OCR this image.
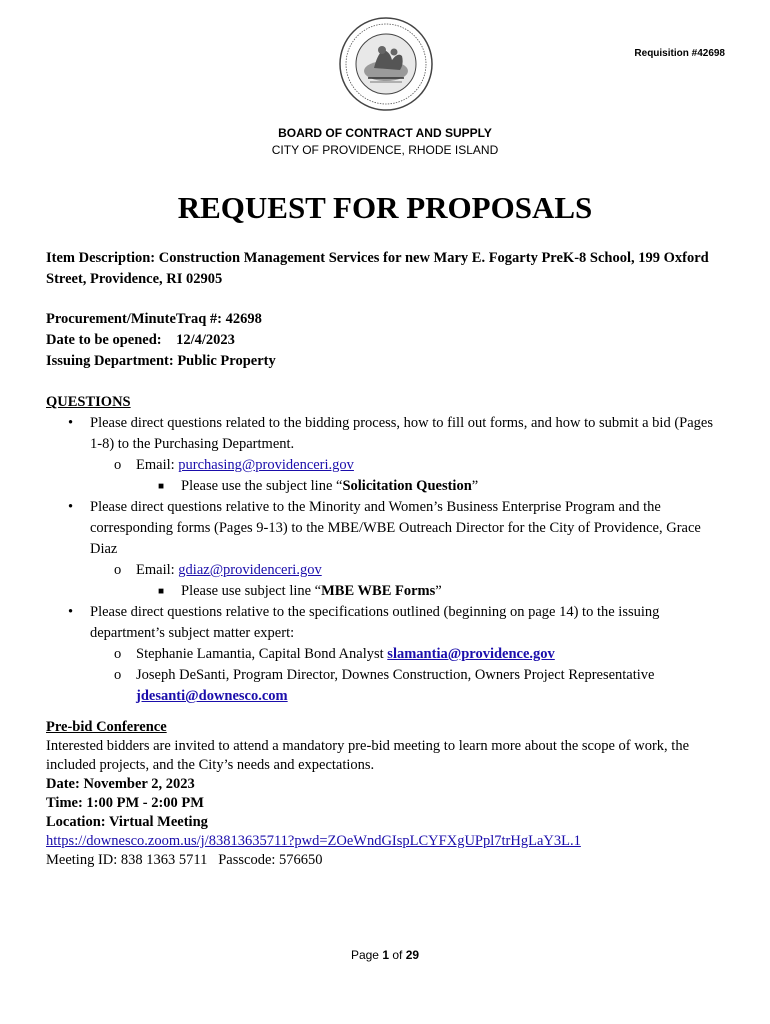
Requisition #42698
BOARD OF CONTRACT AND SUPPLY
CITY OF PROVIDENCE, RHODE ISLAND
REQUEST FOR PROPOSALS
Item Description: Construction Management Services for new Mary E. Fogarty PreK-8 School, 199 Oxford Street, Providence, RI 02905
Procurement/MinuteTraq #: 42698
Date to be opened: 12/4/2023
Issuing Department: Public Property
QUESTIONS
• Please direct questions related to the bidding process, how to fill out forms, and how to submit a bid (Pages 1-8) to the Purchasing Department.
o Email: purchasing@providenceri.gov
■ Please use the subject line “Solicitation Question”
• Please direct questions relative to the Minority and Women’s Business Enterprise Program and the corresponding forms (Pages 9-13) to the MBE/WBE Outreach Director for the City of Providence, Grace Diaz
o Email: gdiaz@providenceri.gov
■ Please use subject line “MBE WBE Forms”
• Please direct questions relative to the specifications outlined (beginning on page 14) to the issuing department’s subject matter expert:
o Stephanie Lamantia, Capital Bond Analyst slamantia@providence.gov
o Joseph DeSanti, Program Director, Downes Construction, Owners Project Representative jdesanti@downesco.com
Pre-bid Conference
Interested bidders are invited to attend a mandatory pre-bid meeting to learn more about the scope of work, the included projects, and the City’s needs and expectations.
Date: November 2, 2023
Time: 1:00 PM - 2:00 PM
Location: Virtual Meeting
https://downesco.zoom.us/j/83813635711?pwd=ZOeWndGIspLCYFXgUPpl7trHgLaY3L.1
Meeting ID: 838 1363 5711   Passcode: 576650
Page 1 of 29
